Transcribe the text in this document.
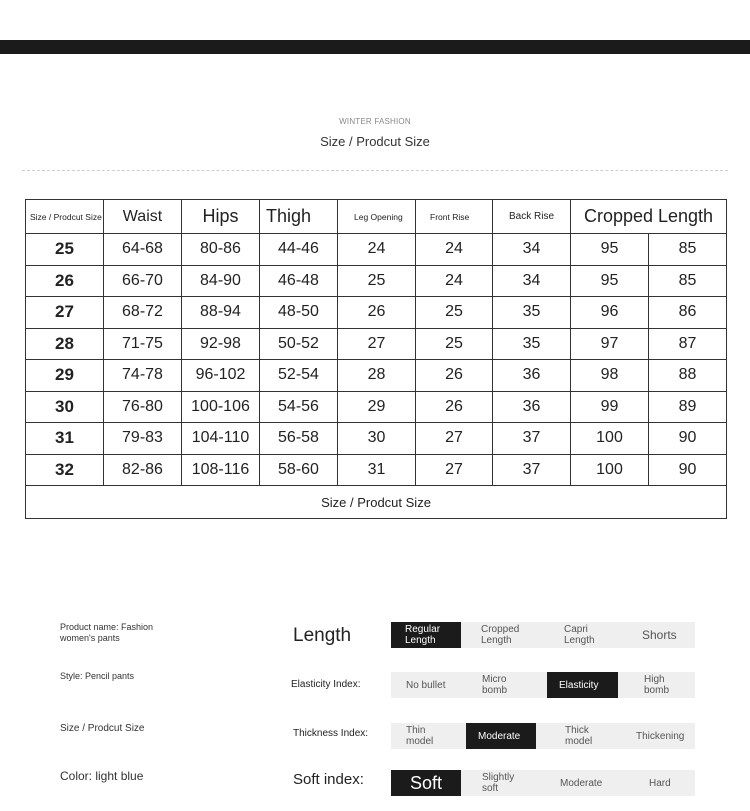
WINTER FASHION
Size / Prodcut Size
Size / Prodcut Size	Waist	Hips	Thigh	Leg Opening	Front Rise	Back Rise	Cropped Length	
25	64-68	80-86	44-46	24	24	34	95	85
26	66-70	84-90	46-48	25	24	34	95	85
27	68-72	88-94	48-50	26	25	35	96	86
28	71-75	92-98	50-52	27	25	35	97	87
29	74-78	96-102	52-54	28	26	36	98	88
30	76-80	100-106	54-56	29	26	36	99	89
31	79-83	104-110	56-58	30	27	37	100	90
32	82-86	108-116	58-60	31	27	37	100	90
Size / Prodcut Size								
Product name: Fashion women's pants
Style: Pencil pants
Size / Prodcut Size
Color: light blue
Length
Elasticity Index:
Thickness Index:
Soft index:
Regular Length
Cropped Length
Capri Length	Shorts
No bullet	Micro bomb	Elasticity	High bomb
Thin model	Moderate	Thick model	Thickening
Soft	Slightly soft	Moderate	Hard
